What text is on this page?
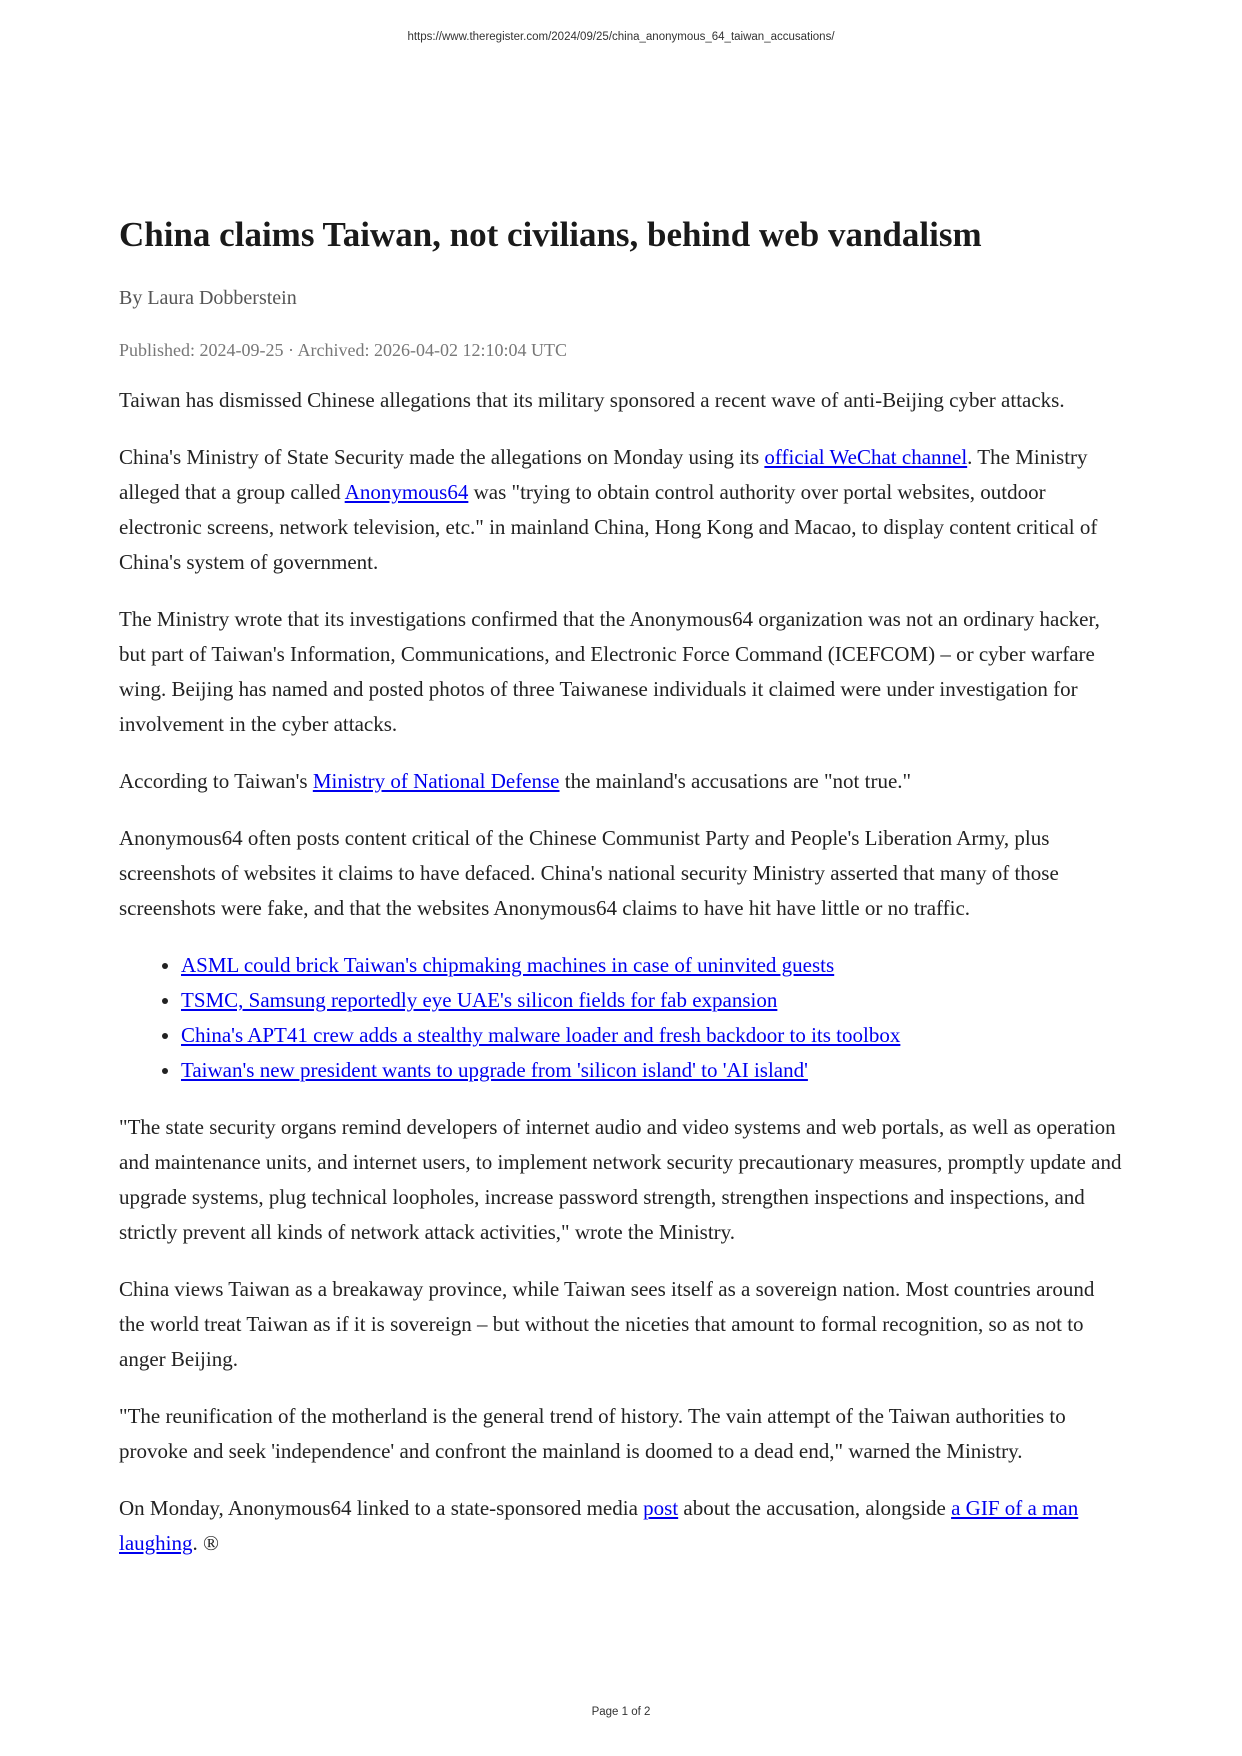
https://www.theregister.com/2024/09/25/china_anonymous_64_taiwan_accusations/
China claims Taiwan, not civilians, behind web vandalism
By Laura Dobberstein
Published: 2024-09-25 · Archived: 2026-04-02 12:10:04 UTC

Taiwan has dismissed Chinese allegations that its military sponsored a recent wave of anti-Beijing cyber attacks.

China's Ministry of State Security made the allegations on Monday using its official WeChat channel. The Ministry alleged that a group called Anonymous64 was "trying to obtain control authority over portal websites, outdoor electronic screens, network television, etc." in mainland China, Hong Kong and Macao, to display content critical of China's system of government.

The Ministry wrote that its investigations confirmed that the Anonymous64 organization was not an ordinary hacker, but part of Taiwan's Information, Communications, and Electronic Force Command (ICEFCOM) – or cyber warfare wing. Beijing has named and posted photos of three Taiwanese individuals it claimed were under investigation for involvement in the cyber attacks.

According to Taiwan's Ministry of National Defense the mainland's accusations are "not true."

Anonymous64 often posts content critical of the Chinese Communist Party and People's Liberation Army, plus screenshots of websites it claims to have defaced. China's national security Ministry asserted that many of those screenshots were fake, and that the websites Anonymous64 claims to have hit have little or no traffic.

• ASML could brick Taiwan's chipmaking machines in case of uninvited guests
• TSMC, Samsung reportedly eye UAE's silicon fields for fab expansion
• China's APT41 crew adds a stealthy malware loader and fresh backdoor to its toolbox
• Taiwan's new president wants to upgrade from 'silicon island' to 'AI island'

"The state security organs remind developers of internet audio and video systems and web portals, as well as operation and maintenance units, and internet users, to implement network security precautionary measures, promptly update and upgrade systems, plug technical loopholes, increase password strength, strengthen inspections and inspections, and strictly prevent all kinds of network attack activities," wrote the Ministry.

China views Taiwan as a breakaway province, while Taiwan sees itself as a sovereign nation. Most countries around the world treat Taiwan as if it is sovereign – but without the niceties that amount to formal recognition, so as not to anger Beijing.

"The reunification of the motherland is the general trend of history. The vain attempt of the Taiwan authorities to provoke and seek 'independence' and confront the mainland is doomed to a dead end," warned the Ministry.

On Monday, Anonymous64 linked to a state-sponsored media post about the accusation, alongside a GIF of a man laughing. ®

Page 1 of 2
